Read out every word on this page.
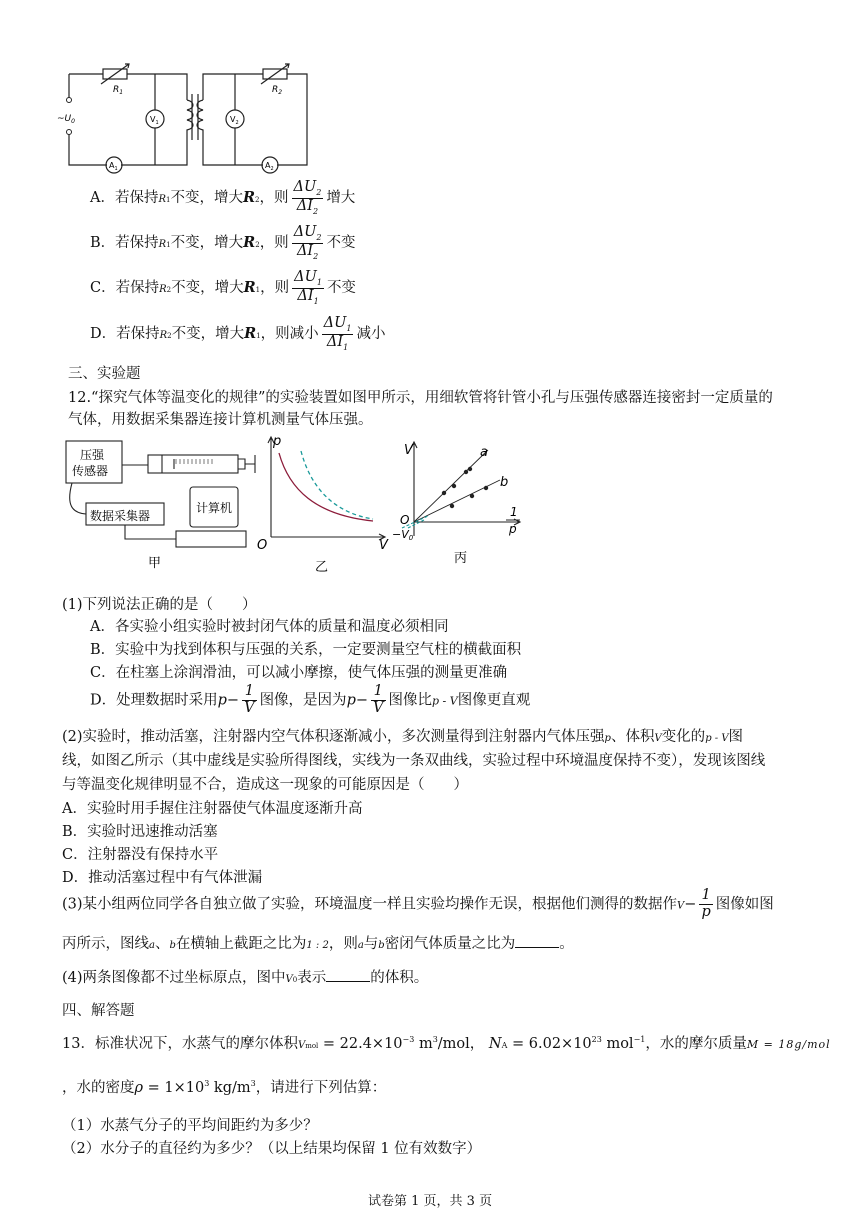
$R_1$	$R_2$
$V_1$	$V_2$
$A_1$	$A_2$
$\sim U_0$
A．若保持R1不变，增大R2，则 $\frac{\Delta U_2}{\Delta I_2}$ 增大
B．若保持R1不变，增大R2，则 $\frac{\Delta U_2}{\Delta I_2}$ 不变
C．若保持R2不变，增大R1，则 $\frac{\Delta U_1}{\Delta I_1}$ 不变
D．若保持R2不变，增大R1，则减小 $\frac{\Delta U_1}{\Delta I_1}$ 减小
三、实验题
12.“探究气体等温变化的规律”的实验装置如图甲所示，用细软管将针管小孔与压强传感器连接密封一定质量的
气体，用数据采集器连接计算机测量气体压强。
压强
传感器
数据采集器
计算机
甲
p
O	V
乙
V	a
b
O
−V0
1
p
丙
(1)下列说法正确的是（　　）
A．各实验小组实验时被封闭气体的质量和温度必须相同
B．实验中为找到体积与压强的关系，一定要测量空气柱的横截面积
C．在柱塞上涂润滑油，可以减小摩擦，使气体压强的测量更准确
D．处理数据时采用$p- \frac{1}{V}$ 图像，是因为$p- \frac{1}{V}$ 图像比p - V图像更直观
(2)实验时，推动活塞，注射器内空气体积逐渐减小，多次测量得到注射器内气体压强p、体积V变化的p - V图
线，如图乙所示（其中虚线是实验所得图线，实线为一条双曲线，实验过程中环境温度保持不变），发现该图线
与等温变化规律明显不合，造成这一现象的可能原因是（　　）
A．实验时用手握住注射器使气体温度逐渐升高
B．实验时迅速推动活塞
C．注射器没有保持水平
D．推动活塞过程中有气体泄漏
(3)某小组两位同学各自独立做了实验，环境温度一样且实验均操作无误，根据他们测得的数据作$V- \frac{1}{p}$ 图像如图
丙所示，图线a、b在横轴上截距之比为1 : 2，则a与b密闭气体质量之比为	。
(4)两条图像都不过坐标原点，图中V0表示	的体积。
四、解答题
13．标准状况下，水蒸气的摩尔体积Vmol = $22.4\times 10^{-3}$ $m^3$/mol， NA = $6.02\times 10^{23}$ mol$^{-1}$，水的摩尔质量M = 18g/mol
，水的密度$\rho = 1\times 10^3$ $kg/m^3$，请进行下列估算：
（1）水蒸气分子的平均间距约为多少？
（2）水分子的直径约为多少？（以上结果均保留 1 位有效数字）
试卷第 1 页，共 3 页
